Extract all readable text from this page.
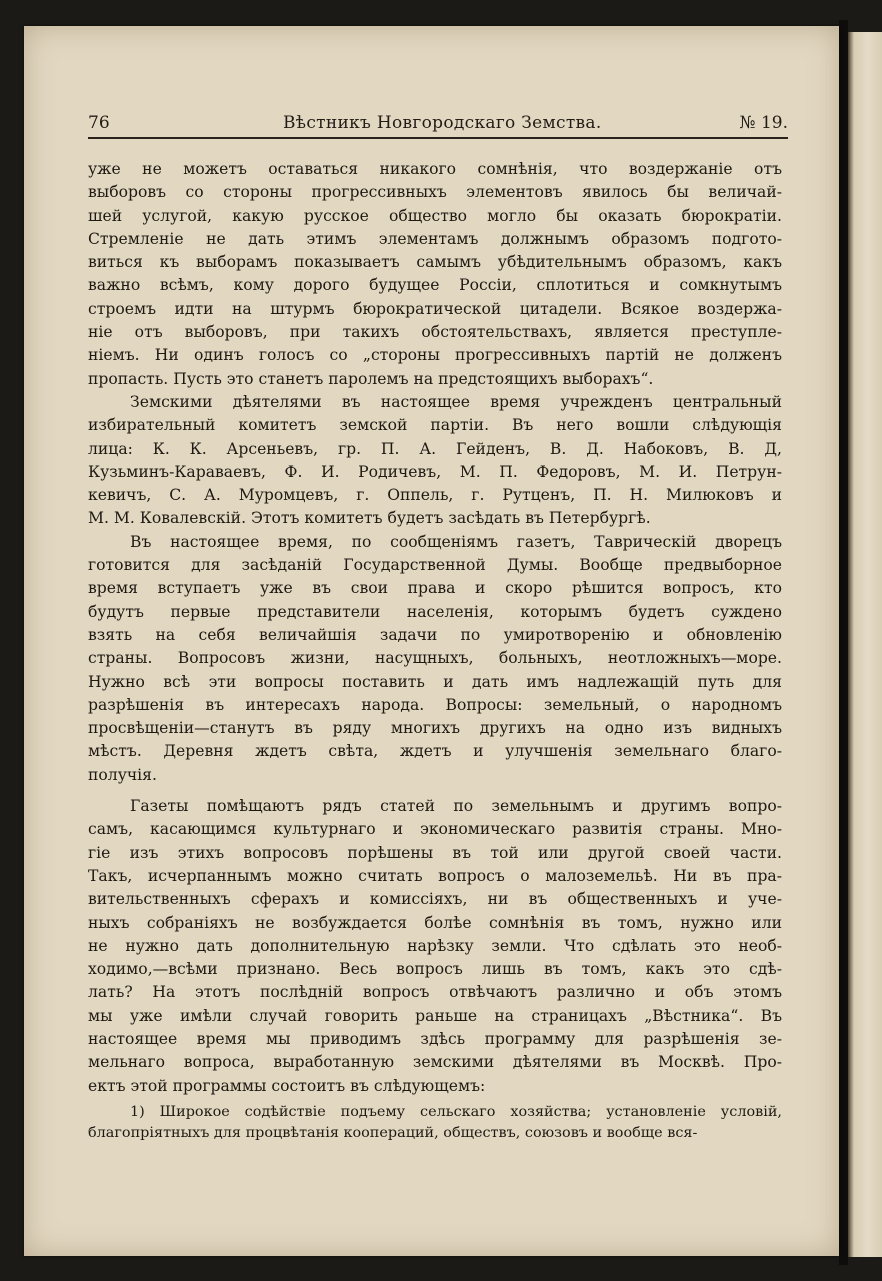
76	Вѣстникъ Новгородскаго Земства.	№ 19.
уже не можетъ оставаться никакого сомнѣнія, что воздержаніе отъ
выборовъ со стороны прогрессивныхъ элементовъ явилось бы величай-
шей услугой, какую русское общество могло бы оказать бюрократіи.
Стремленіе не дать этимъ элементамъ должнымъ образомъ подгото-
виться къ выборамъ показываетъ самымъ убѣдительнымъ образомъ, какъ
важно всѣмъ, кому дорого будущее Россіи, сплотиться и сомкнутымъ
строемъ идти на штурмъ бюрократической цитадели. Всякое воздержа-
ніе отъ выборовъ, при такихъ обстоятельствахъ, является преступле-
ніемъ. Ни одинъ голосъ со „стороны прогрессивныхъ партій не долженъ
пропасть. Пусть это станетъ паролемъ на предстоящихъ выборахъ“.
Земскими дѣятелями въ настоящее время учрежденъ центральный
избирательный комитетъ земской партіи. Въ него вошли слѣдующія
лица: К. К. Арсеньевъ, гр. П. А. Гейденъ, В. Д. Набоковъ, В. Д,
Кузьминъ-Караваевъ, Ф. И. Родичевъ, М. П. Федоровъ, М. И. Петрун-
кевичъ, С. А. Муромцевъ, г. Оппель, г. Рутценъ, П. Н. Милюковъ и
М. М. Ковалевскій. Этотъ комитетъ будетъ засѣдать въ Петербургѣ.
Въ настоящее время, по сообщеніямъ газетъ, Таврическій дворецъ
готовится для засѣданій Государственной Думы. Вообще предвыборное
время вступаетъ уже въ свои права и скоро рѣшится вопросъ, кто
будутъ первые представители населенія, которымъ будетъ суждено
взять на себя величайшія задачи по умиротворенію и обновленію
страны. Вопросовъ жизни, насущныхъ, больныхъ, неотложныхъ—море.
Нужно всѣ эти вопросы поставить и дать имъ надлежащій путь для
разрѣшенія въ интересахъ народа. Вопросы: земельный, о народномъ
просвѣщеніи—станутъ въ ряду многихъ другихъ на одно изъ видныхъ
мѣстъ. Деревня ждетъ свѣта, ждетъ и улучшенія земельнаго благо-
получія.
Газеты помѣщаютъ рядъ статей по земельнымъ и другимъ вопро-
самъ, касающимся культурнаго и экономическаго развитія страны. Мно-
гіе изъ этихъ вопросовъ порѣшены въ той или другой своей части.
Такъ, исчерпаннымъ можно считать вопросъ о малоземельѣ. Ни въ пра-
вительственныхъ сферахъ и комиссіяхъ, ни въ общественныхъ и уче-
ныхъ собраніяхъ не возбуждается болѣе сомнѣнія въ томъ, нужно или
не нужно дать дополнительную нарѣзку земли. Что сдѣлать это необ-
ходимо,—всѣми признано. Весь вопросъ лишь въ томъ, какъ это сдѣ-
лать? На этотъ послѣдній вопросъ отвѣчаютъ различно и объ этомъ
мы уже имѣли случай говорить раньше на страницахъ „Вѣстника“. Въ
настоящее время мы приводимъ здѣсь программу для разрѣшенія зе-
мельнаго вопроса, выработанную земскими дѣятелями въ Москвѣ. Про-
ектъ этой программы состоитъ въ слѣдующемъ:
1) Широкое содѣйствіе подъему сельскаго хозяйства; установленіе условій,
благопріятныхъ для процвѣтанія коопераций, обществъ, союзовъ и вообще вся-
